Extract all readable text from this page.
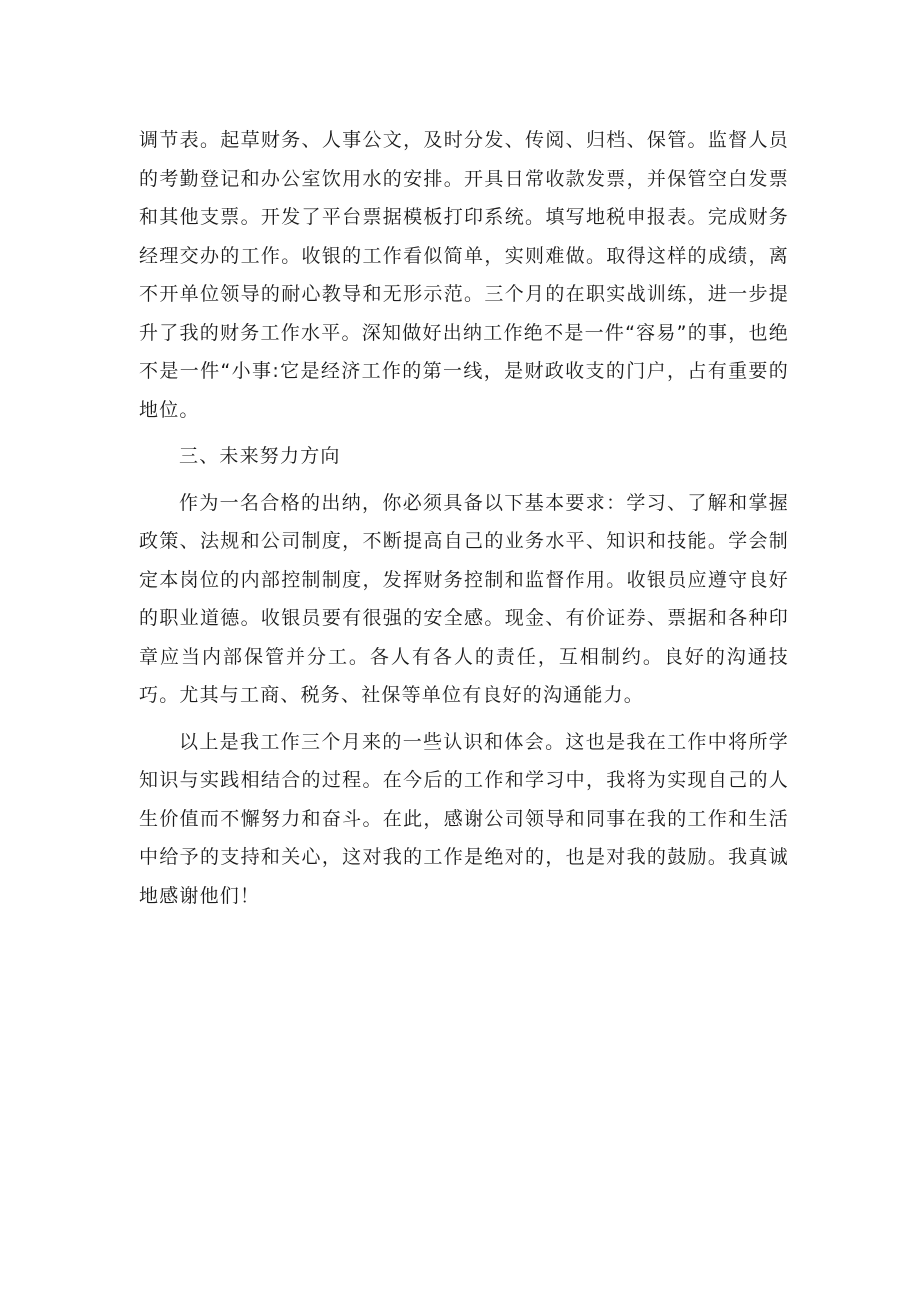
调节表。起草财务、人事公文，及时分发、传阅、归档、保管。监督人员的考勤登记和办公室饮用水的安排。开具日常收款发票，并保管空白发票和其他支票。开发了平台票据模板打印系统。填写地税申报表。完成财务经理交办的工作。收银的工作看似简单，实则难做。取得这样的成绩，离不开单位领导的耐心教导和无形示范。三个月的在职实战训练，进一步提升了我的财务工作水平。深知做好出纳工作绝不是一件“容易”的事，也绝不是一件“小事:它是经济工作的第一线，是财政收支的门户，占有重要的地位。

三、未来努力方向

作为一名合格的出纳，你必须具备以下基本要求：学习、了解和掌握政策、法规和公司制度，不断提高自己的业务水平、知识和技能。学会制定本岗位的内部控制制度，发挥财务控制和监督作用。收银员应遵守良好的职业道德。收银员要有很强的安全感。现金、有价证券、票据和各种印章应当内部保管并分工。各人有各人的责任，互相制约。良好的沟通技巧。尤其与工商、税务、社保等单位有良好的沟通能力。

以上是我工作三个月来的一些认识和体会。这也是我在工作中将所学知识与实践相结合的过程。在今后的工作和学习中，我将为实现自己的人生价值而不懈努力和奋斗。在此，感谢公司领导和同事在我的工作和生活中给予的支持和关心，这对我的工作是绝对的，也是对我的鼓励。我真诚地感谢他们！
